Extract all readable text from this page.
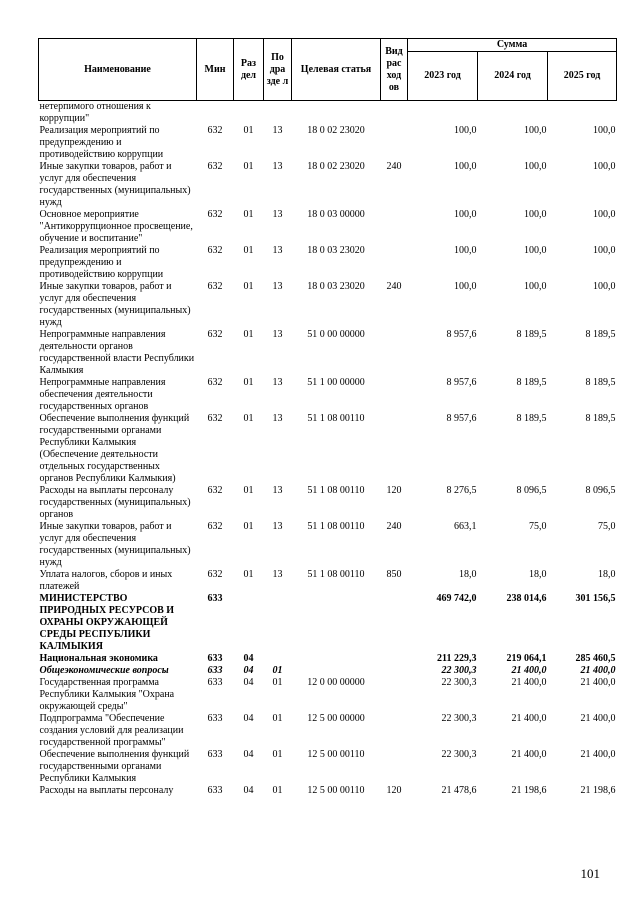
Наименование	Мин	Раз дел	По дра зде л	Целевая статья	Вид рас ход ов	Сумма		
						2023 год	2024 год	2025 год
нетерпимого отношения к коррупции"								
Реализация мероприятий по предупреждению и противодействию коррупции	632	01	13	18 0 02 23020		100,0	100,0	100,0
Иные закупки товаров, работ и услуг для обеспечения государственных (муниципальных) нужд	632	01	13	18 0 02 23020	240	100,0	100,0	100,0
Основное мероприятие "Антикоррупционное просвещение, обучение и воспитание"	632	01	13	18 0 03 00000		100,0	100,0	100,0
Реализация мероприятий по предупреждению и противодействию коррупции	632	01	13	18 0 03 23020		100,0	100,0	100,0
Иные закупки товаров, работ и услуг для обеспечения государственных (муниципальных) нужд	632	01	13	18 0 03 23020	240	100,0	100,0	100,0
Непрограммные направления деятельности органов государственной власти Республики Калмыкия	632	01	13	51 0 00 00000		8 957,6	8 189,5	8 189,5
Непрограммные направления обеспечения деятельности государственных органов	632	01	13	51 1 00 00000		8 957,6	8 189,5	8 189,5
Обеспечение выполнения функций государственными органами Республики Калмыкия (Обеспечение деятельности отдельных государственных органов Республики Калмыкия)	632	01	13	51 1 08 00110		8 957,6	8 189,5	8 189,5
Расходы на выплаты персоналу государственных (муниципальных) органов	632	01	13	51 1 08 00110	120	8 276,5	8 096,5	8 096,5
Иные закупки товаров, работ и услуг для обеспечения государственных (муниципальных) нужд	632	01	13	51 1 08 00110	240	663,1	75,0	75,0
Уплата налогов, сборов и иных платежей	632	01	13	51 1 08 00110	850	18,0	18,0	18,0
МИНИСТЕРСТВО ПРИРОДНЫХ РЕСУРСОВ И ОХРАНЫ ОКРУЖАЮЩЕЙ СРЕДЫ РЕСПУБЛИКИ КАЛМЫКИЯ	633					469 742,0	238 014,6	301 156,5
Национальная экономика	633	04				211 229,3	219 064,1	285 460,5
Общеэкономические вопросы	633	04	01			22 300,3	21 400,0	21 400,0
Государственная программа Республики Калмыкия "Охрана окружающей среды"	633	04	01	12 0 00 00000		22 300,3	21 400,0	21 400,0
Подпрограмма "Обеспечение создания условий для реализации государственной программы"	633	04	01	12 5 00 00000		22 300,3	21 400,0	21 400,0
Обеспечение выполнения функций государственными органами Республики Калмыкия	633	04	01	12 5 00 00110		22 300,3	21 400,0	21 400,0
Расходы на выплаты персоналу	633	04	01	12 5 00 00110	120	21 478,6	21 198,6	21 198,6
101
